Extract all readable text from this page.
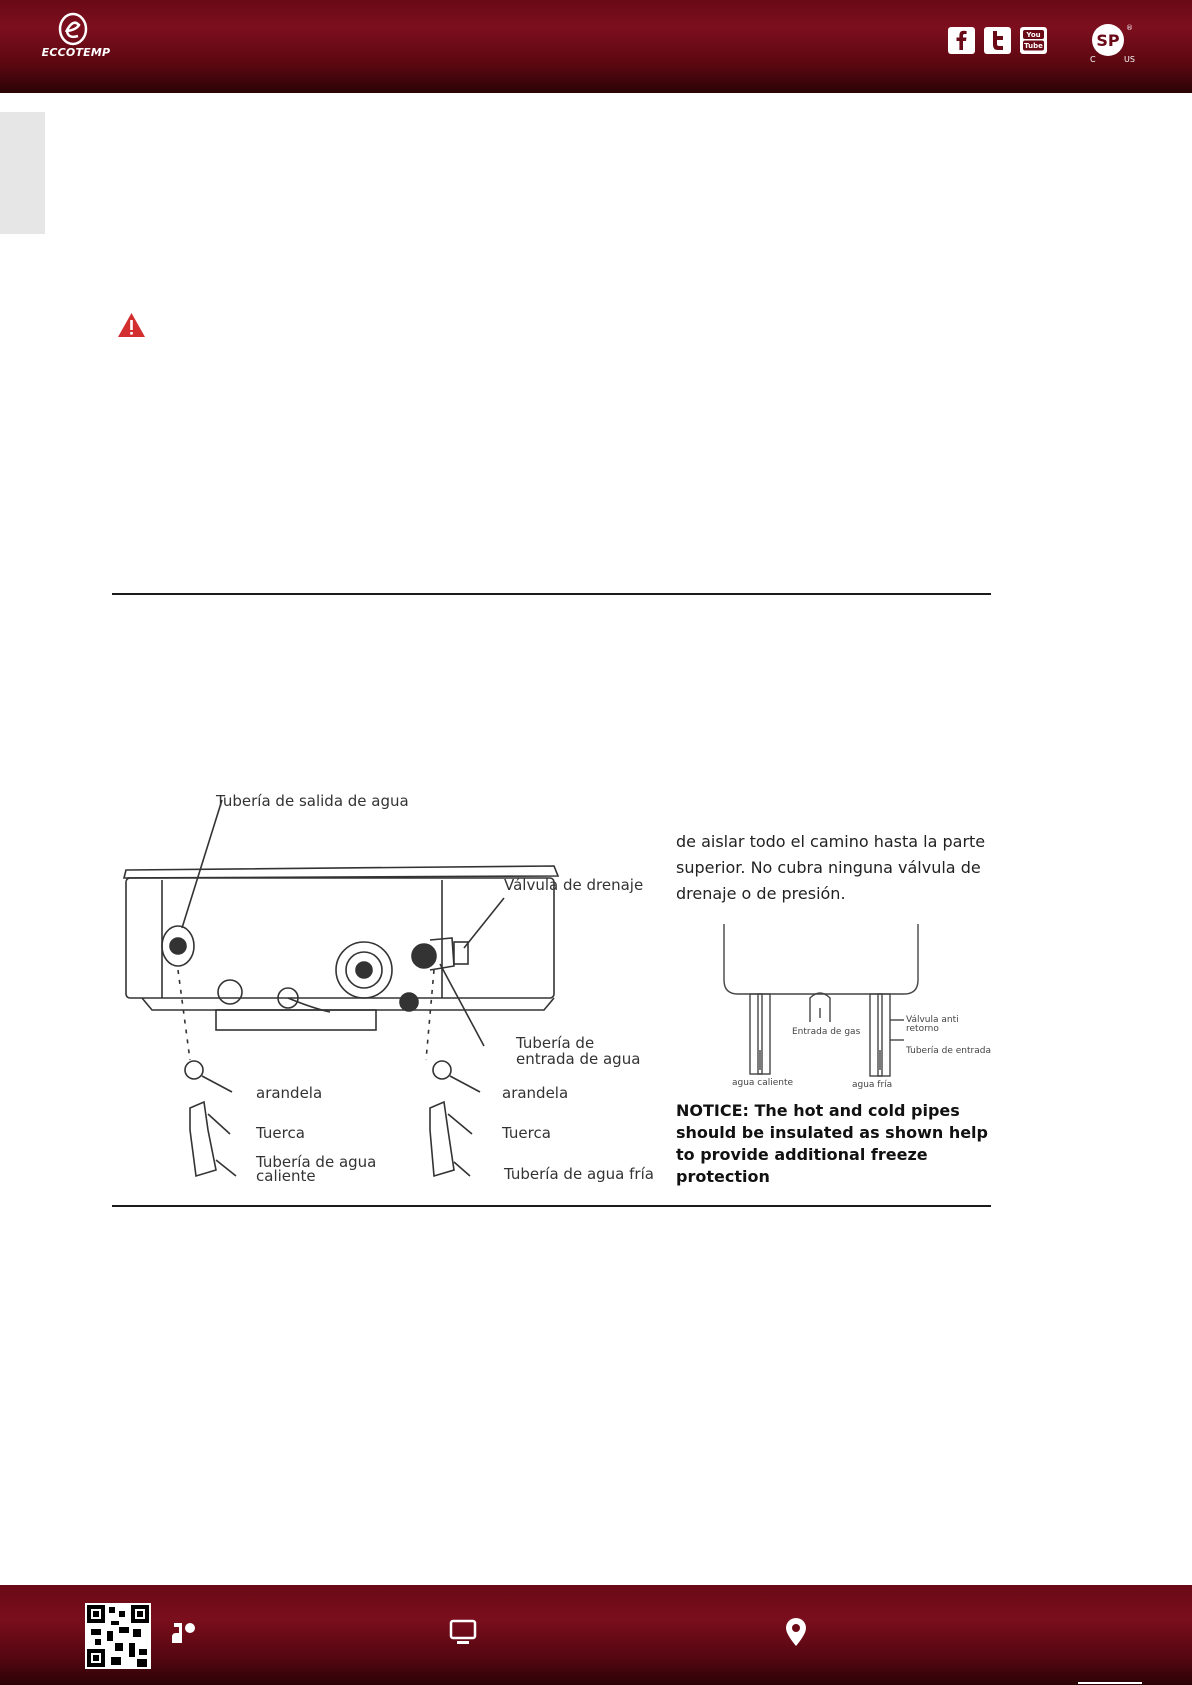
ECCOTEMP
You
Tube	SP
C	US
®
Tubería de salida de agua
Válvula de drenaje
Tubería de
entrada de agua
arandela	arandela
Tuerca	Tuerca
Tubería de agua
caliente	Tubería de agua fría
de aislar todo el camino hasta la parte superior. No cubra ninguna válvula de drenaje o de presión.
Entrada de gas
Válvula anti
retorno
Tubería de entrada
agua caliente	agua fría
NOTICE: The hot and cold pipes should be insulated as shown help to provide additional freeze protection
